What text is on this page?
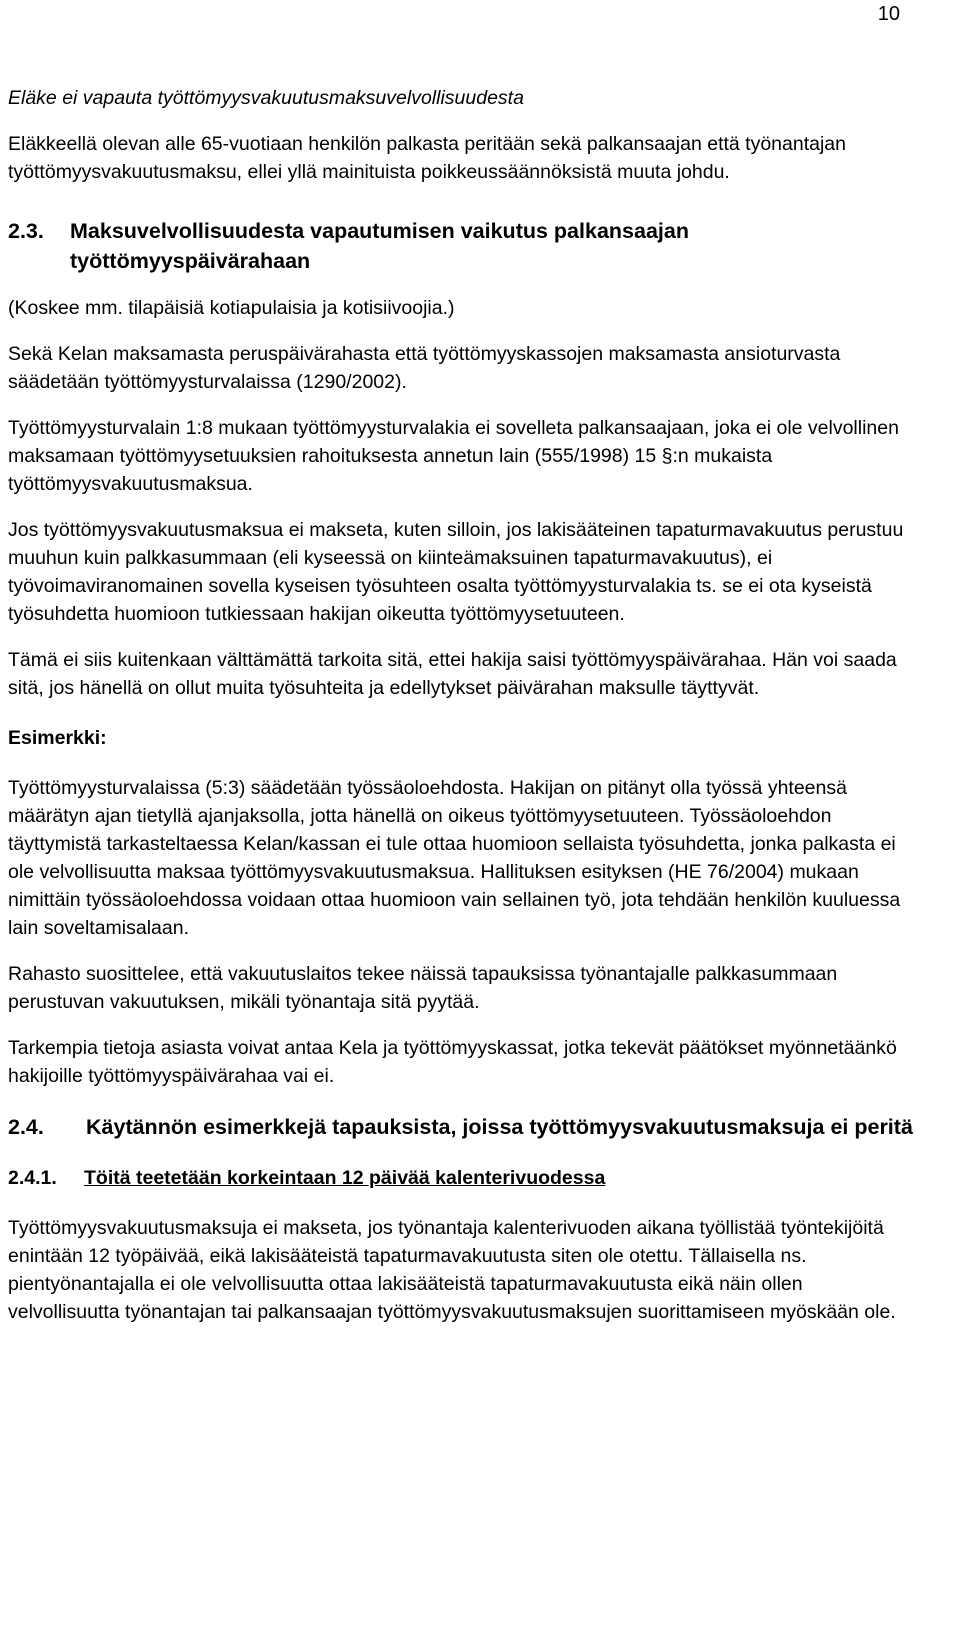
10

Eläke ei vapauta työttömyysvakuutusmaksuvelvollisuudesta

Eläkkeellä olevan alle 65-vuotiaan henkilön palkasta peritään sekä palkansaajan että työnantajan työttömyysvakuutusmaksu, ellei yllä mainituista poikkeussäännöksistä muuta johdu.

2.3.	Maksuvelvollisuudesta vapautumisen vaikutus palkansaajan työttömyyspäivärahaan

(Koskee mm. tilapäisiä kotiapulaisia ja kotisiivoojia.)

Sekä Kelan maksamasta peruspäivärahasta että työttömyyskassojen maksamasta ansioturvasta säädetään työttömyysturvalaissa (1290/2002).

Työttömyysturvalain 1:8 mukaan työttömyysturvalakia ei sovelleta palkansaajaan, joka ei ole velvollinen maksamaan työttömyysetuuksien rahoituksesta annetun lain (555/1998) 15 §:n mukaista työttömyysvakuutusmaksua.

Jos työttömyysvakuutusmaksua ei makseta, kuten silloin, jos lakisääteinen tapaturmavakuutus perustuu muuhun kuin palkkasummaan (eli kyseessä on kiinteämaksuinen tapaturmavakuutus), ei työvoimaviranomainen sovella kyseisen työsuhteen osalta työttömyysturvalakia ts. se ei ota kyseistä työsuhdetta huomioon tutkiessaan hakijan oikeutta työttömyysetuuteen.

Tämä ei siis kuitenkaan välttämättä tarkoita sitä, ettei hakija saisi työttömyyspäivärahaa. Hän voi saada sitä, jos hänellä on ollut muita työsuhteita ja edellytykset päivärahan maksulle täyttyvät.

Esimerkki:

Työttömyysturvalaissa (5:3) säädetään työssäoloehdosta. Hakijan on pitänyt olla työssä yhteensä määrätyn ajan tietyllä ajanjaksolla, jotta hänellä on oikeus työttömyysetuuteen. Työssäoloehdon täyttymistä tarkasteltaessa Kelan/kassan ei tule ottaa huomioon sellaista työsuhdetta, jonka palkasta ei ole velvollisuutta maksaa työttömyysvakuutusmaksua. Hallituksen esityksen (HE 76/2004) mukaan nimittäin työssäoloehdossa voidaan ottaa huomioon vain sellainen työ, jota tehdään henkilön kuuluessa lain soveltamisalaan.

Rahasto suosittelee, että vakuutuslaitos tekee näissä tapauksissa työnantajalle palkkasummaan perustuvan vakuutuksen, mikäli työnantaja sitä pyytää.

Tarkempia tietoja asiasta voivat antaa Kela ja työttömyyskassat, jotka tekevät päätökset myönnetäänkö hakijoille työttömyyspäivärahaa vai ei.

2.4.	Käytännön esimerkkejä tapauksista, joissa työttömyysvakuutusmaksuja ei peritä
2.4.1.	Töitä teetetään korkeintaan 12 päivää kalenterivuodessa

Työttömyysvakuutusmaksuja ei makseta, jos työnantaja kalenterivuoden aikana työllistää työntekijöitä enintään 12 työpäivää, eikä lakisääteistä tapaturmavakuutusta siten ole otettu. Tällaisella ns. pientyönantajalla ei ole velvollisuutta ottaa lakisääteistä tapaturmavakuutusta eikä näin ollen velvollisuutta työnantajan tai palkansaajan työttömyysvakuutusmaksujen suorittamiseen myöskään ole.
